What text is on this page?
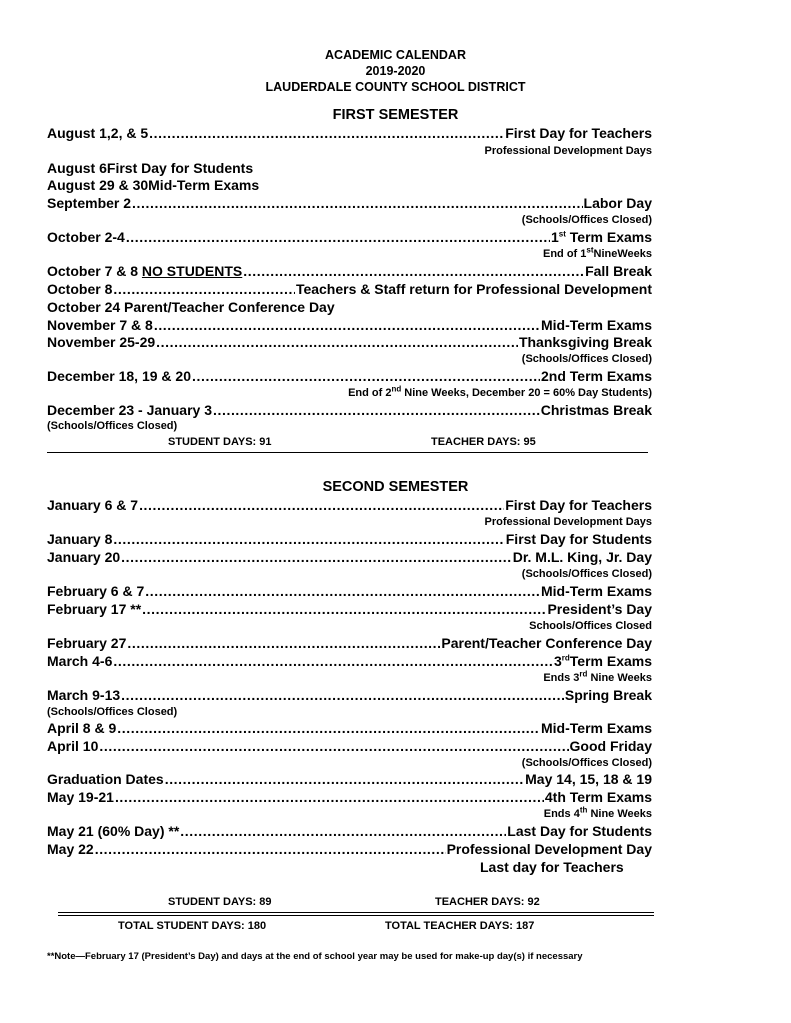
ACADEMIC CALENDAR
2019-2020
LAUDERDALE COUNTY SCHOOL DISTRICT
FIRST SEMESTER
August 1,2, & 5 .....	First Day for Teachers
Professional Development Days
August 6First Day for Students
August 29 & 30Mid-Term Exams
September 2 .....	Labor Day
(Schools/Offices Closed)
October 2-4 .....	1st Term Exams
End of 1stNineWeeks
October 7 & 8 NO STUDENTS .....	Fall Break
October 8 .....	Teachers & Staff return for Professional Development
October 24 Parent/Teacher Conference Day
November 7 & 8 .....	Mid-Term Exams
November 25-29 .....	Thanksgiving Break
(Schools/Offices Closed)
December 18, 19 & 20 .....	2nd Term Exams
End of 2nd Nine Weeks, December 20 = 60% Day Students)
December 23 - January 3 .....	Christmas Break
(Schools/Offices Closed)
STUDENT DAYS: 91	TEACHER DAYS: 95
SECOND SEMESTER
January 6 & 7 .....	First Day for Teachers
Professional Development Days
January 8 .....	First Day for Students
January 20 .....	Dr. M.L. King, Jr. Day
(Schools/Offices Closed)
February 6 & 7 .....	Mid-Term Exams
February 17 ** .....	President’s Day
Schools/Offices Closed
February 27 .....	Parent/Teacher Conference Day
March 4-6 .....	3rdTerm Exams
Ends 3rd Nine Weeks
March 9-13 .....	Spring Break
(Schools/Offices Closed)
April 8 & 9 .....	Mid-Term Exams
April 10 .....	Good Friday
(Schools/Offices Closed)
Graduation Dates .....	May 14, 15, 18 & 19
May 19-21 .....	4th Term Exams
Ends 4th Nine Weeks
May 21 (60% Day) ** .....	Last Day for Students
May 22 .....	Professional Development Day
Last day for Teachers
STUDENT DAYS: 89	TEACHER DAYS: 92
TOTAL STUDENT DAYS: 180	TOTAL TEACHER DAYS: 187
**Note—February 17 (President’s Day) and days at the end of school year may be used for make-up day(s) if necessary
